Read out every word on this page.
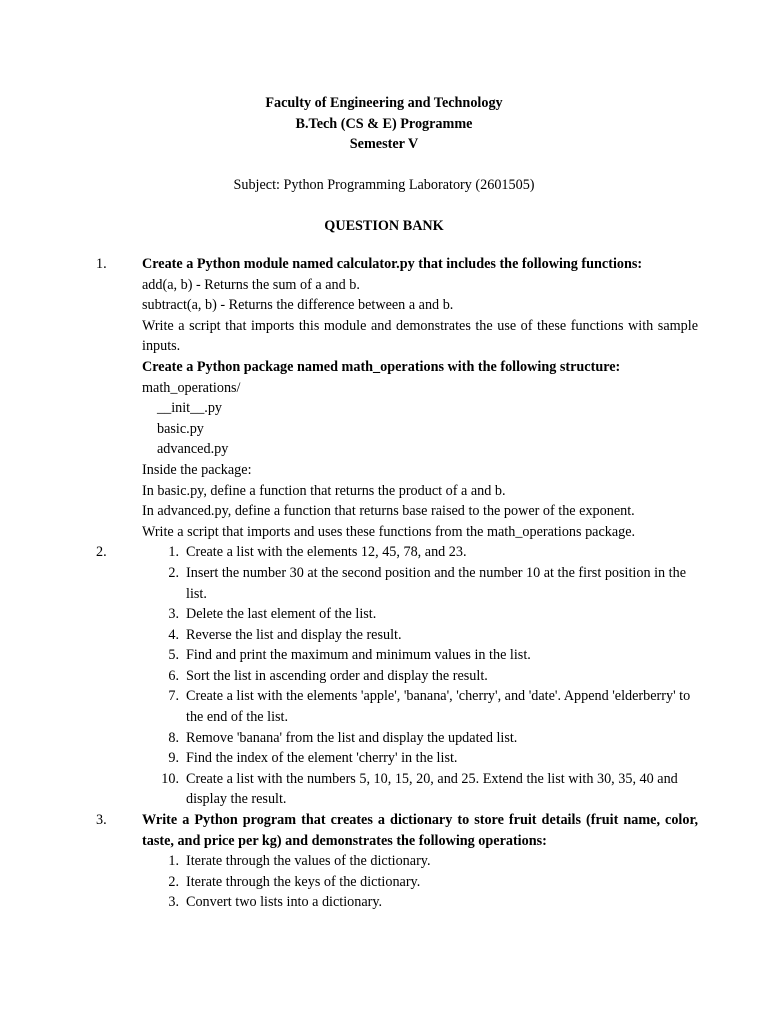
Faculty of Engineering and Technology
B.Tech (CS & E) Programme
Semester V
Subject: Python Programming Laboratory (2601505)
QUESTION BANK
1. Create a Python module named calculator.py that includes the following functions:
add(a, b) - Returns the sum of a and b.
subtract(a, b) - Returns the difference between a and b.
Write a script that imports this module and demonstrates the use of these functions with sample inputs.
Create a Python package named math_operations with the following structure:
math_operations/
__init__.py
basic.py
advanced.py
Inside the package:
In basic.py, define a function that returns the product of a and b.
In advanced.py, define a function that returns base raised to the power of the exponent.
Write a script that imports and uses these functions from the math_operations package.
2.	1. Create a list with the elements 12, 45, 78, and 23.
2. Insert the number 30 at the second position and the number 10 at the first position in the list.
3. Delete the last element of the list.
4. Reverse the list and display the result.
5. Find and print the maximum and minimum values in the list.
6. Sort the list in ascending order and display the result.
7. Create a list with the elements 'apple', 'banana', 'cherry', and 'date'. Append 'elderberry' to the end of the list.
8. Remove 'banana' from the list and display the updated list.
9. Find the index of the element 'cherry' in the list.
10. Create a list with the numbers 5, 10, 15, 20, and 25. Extend the list with 30, 35, 40 and display the result.
3. Write a Python program that creates a dictionary to store fruit details (fruit name, color, taste, and price per kg) and demonstrates the following operations:
1. Iterate through the values of the dictionary.
2. Iterate through the keys of the dictionary.
3. Convert two lists into a dictionary.
